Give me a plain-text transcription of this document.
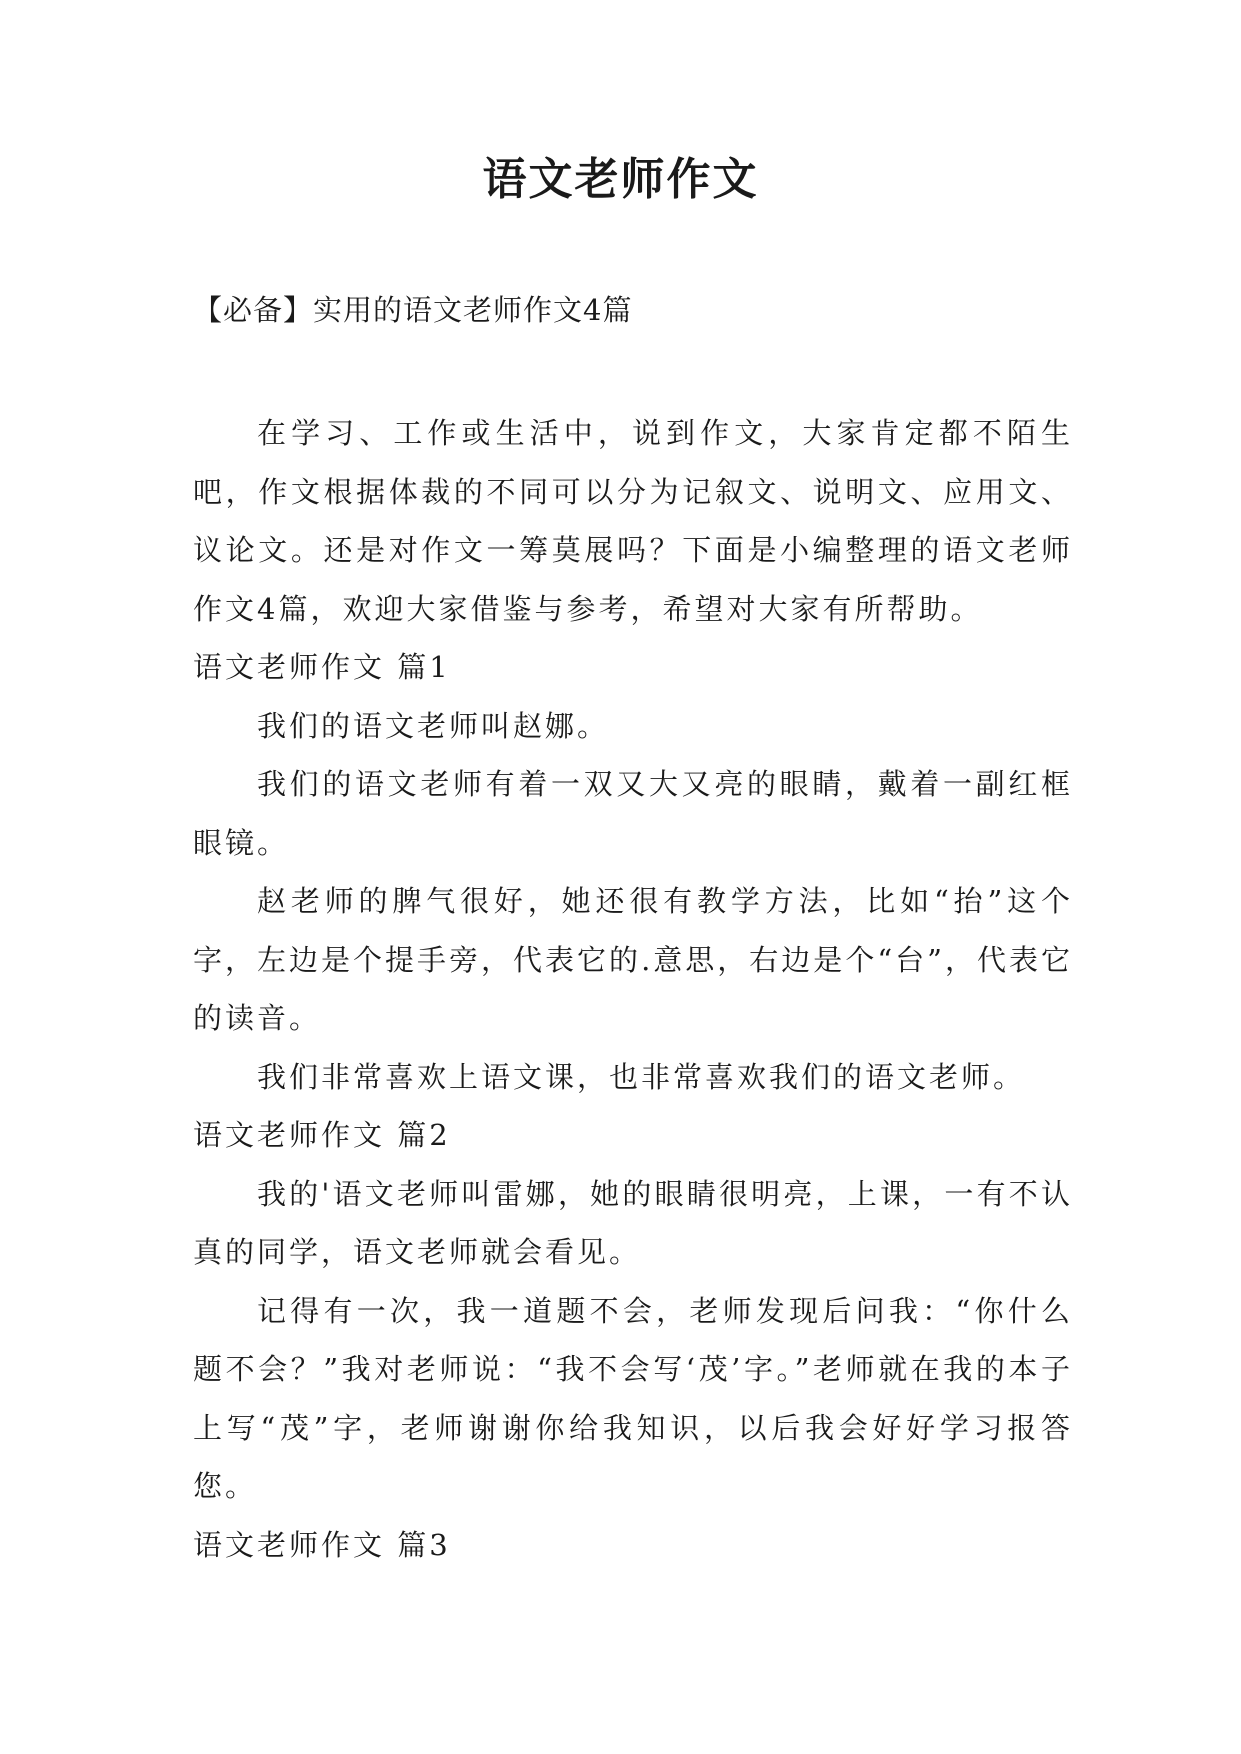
语文老师作文

【必备】实用的语文老师作文4篇

在学习、工作或生活中，说到作文，大家肯定都不陌生吧，作文根据体裁的不同可以分为记叙文、说明文、应用文、议论文。还是对作文一筹莫展吗？下面是小编整理的语文老师作文4篇，欢迎大家借鉴与参考，希望对大家有所帮助。

语文老师作文 篇1

我们的语文老师叫赵娜。

我们的语文老师有着一双又大又亮的眼睛，戴着一副红框眼镜。

赵老师的脾气很好，她还很有教学方法，比如“抬”这个字，左边是个提手旁，代表它的.意思，右边是个“台”，代表它的读音。

我们非常喜欢上语文课，也非常喜欢我们的语文老师。

语文老师作文 篇2

我的'语文老师叫雷娜，她的眼睛很明亮，上课，一有不认真的同学，语文老师就会看见。

记得有一次，我一道题不会，老师发现后问我：“你什么题不会？”我对老师说：“我不会写‘茂’字。”老师就在我的本子上写“茂”字，老师谢谢你给我知识，以后我会好好学习报答您。

语文老师作文 篇3
